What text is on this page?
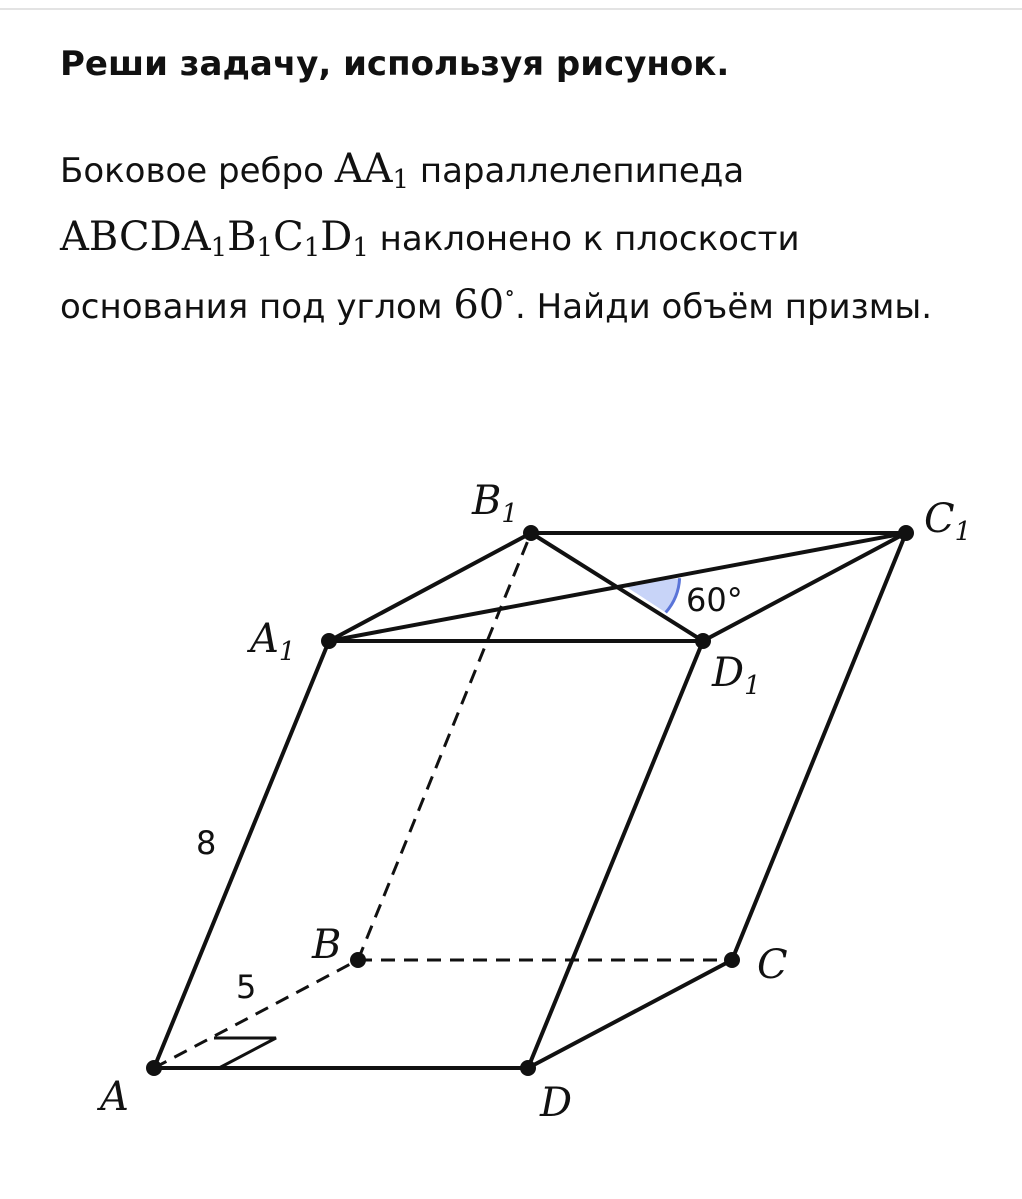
Реши задачу, используя рисунок.
Боковое ребро $AA_1$ параллелепипеда
$ABCDA_1B_1C_1D_1$ наклонено к плоскости
основания под углом 60∘. Найди объём призмы.
A
B	C
D
$A_1$
$B_1$	$C_1$
$D_1$
8
5
60°
